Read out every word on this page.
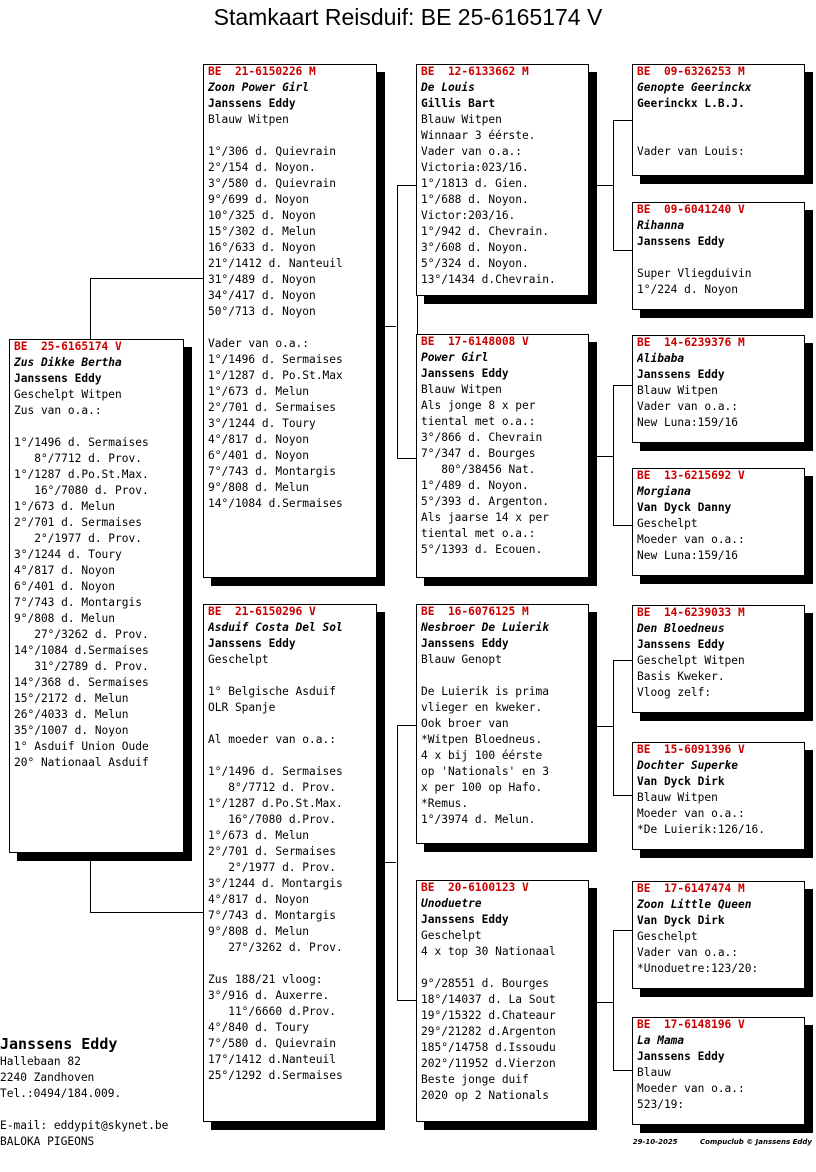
Stamkaart Reisduif: BE 25-6165174 V
BE  25-6165174 V
Zus Dikke Bertha
Janssens Eddy
Geschelpt Witpen
Zus van o.a.:
1°/1496 d. Sermaises
8°/7712 d. Prov.
1°/1287 d.Po.St.Max.
16°/7080 d. Prov.
1°/673 d. Melun
2°/701 d. Sermaises
2°/1977 d. Prov.
3°/1244 d. Toury
4°/817 d. Noyon
6°/401 d. Noyon
7°/743 d. Montargis
9°/808 d. Melun
27°/3262 d. Prov.
14°/1084 d.Sermaises
31°/2789 d. Prov.
14°/368 d. Sermaises
15°/2172 d. Melun
26°/4033 d. Melun
35°/1007 d. Noyon
1° Asduif Union Oude
20° Nationaal Asduif
BE  21-6150226 M
Zoon Power Girl
Janssens Eddy
Blauw Witpen
1°/306 d. Quievrain
2°/154 d. Noyon.
3°/580 d. Quievrain
9°/699 d. Noyon
10°/325 d. Noyon
15°/302 d. Melun
16°/633 d. Noyon
21°/1412 d. Nanteuil
31°/489 d. Noyon
34°/417 d. Noyon
50°/713 d. Noyon
Vader van o.a.:
1°/1496 d. Sermaises
1°/1287 d. Po.St.Max
1°/673 d. Melun
2°/701 d. Sermaises
3°/1244 d. Toury
4°/817 d. Noyon
6°/401 d. Noyon
7°/743 d. Montargis
9°/808 d. Melun
14°/1084 d.Sermaises
BE  21-6150296 V
Asduif Costa Del Sol
Janssens Eddy
Geschelpt
1° Belgische Asduif
OLR Spanje
Al moeder van o.a.:
1°/1496 d. Sermaises
8°/7712 d. Prov.
1°/1287 d.Po.St.Max.
16°/7080 d.Prov.
1°/673 d. Melun
2°/701 d. Sermaises
2°/1977 d. Prov.
3°/1244 d. Montargis
4°/817 d. Noyon
7°/743 d. Montargis
9°/808 d. Melun
27°/3262 d. Prov.
Zus 188/21 vloog:
3°/916 d. Auxerre.
11°/6660 d.Prov.
4°/840 d. Toury
7°/580 d. Quievrain
17°/1412 d.Nanteuil
25°/1292 d.Sermaises
BE  12-6133662 M
De Louis
Gillis Bart
Blauw Witpen
Winnaar 3 éérste.
Vader van o.a.:
Victoria:023/16.
1°/1813 d. Gien.
1°/688 d. Noyon.
Victor:203/16.
1°/942 d. Chevrain.
3°/608 d. Noyon.
5°/324 d. Noyon.
13°/1434 d.Chevrain.
BE  17-6148008 V
Power Girl
Janssens Eddy
Blauw Witpen
Als jonge 8 x per
tiental met o.a.:
3°/866 d. Chevrain
7°/347 d. Bourges
80°/38456 Nat.
1°/489 d. Noyon.
5°/393 d. Argenton.
Als jaarse 14 x per
tiental met o.a.:
5°/1393 d. Ecouen.
BE  16-6076125 M
Nesbroer De Luierik
Janssens Eddy
Blauw Genopt
De Luierik is prima
vlieger en kweker.
Ook broer van
*Witpen Bloedneus.
4 x bij 100 éérste
op 'Nationals' en 3
x per 100 op Hafo.
*Remus.
1°/3974 d. Melun.
BE  20-6100123 V
Unoduetre
Janssens Eddy
Geschelpt
4 x top 30 Nationaal
9°/28551 d. Bourges
18°/14037 d. La Sout
19°/15322 d.Chateaur
29°/21282 d.Argenton
185°/14758 d.Issoudu
202°/11952 d.Vierzon
Beste jonge duif
2020 op 2 Nationals
BE  09-6326253 M
Genopte Geerinckx
Geerinckx L.B.J.
Vader van Louis:
BE  09-6041240 V
Rihanna
Janssens Eddy
Super Vliegduivin
1°/224 d. Noyon
BE  14-6239376 M
Alibaba
Janssens Eddy
Blauw Witpen
Vader van o.a.:
New Luna:159/16
BE  13-6215692 V
Morgiana
Van Dyck Danny
Geschelpt
Moeder van o.a.:
New Luna:159/16
BE  14-6239033 M
Den Bloedneus
Janssens Eddy
Geschelpt Witpen
Basis Kweker.
Vloog zelf:
BE  15-6091396 V
Dochter Superke
Van Dyck Dirk
Blauw Witpen
Moeder van o.a.:
*De Luierik:126/16.
BE  17-6147474 M
Zoon Little Queen
Van Dyck Dirk
Geschelpt
Vader van o.a.:
*Unoduetre:123/20:
BE  17-6148196 V
La Mama
Janssens Eddy
Blauw
Moeder van o.a.:
523/19:
Janssens Eddy
Hallebaan 82
2240 Zandhoven
Tel.:0494/184.009.
E-mail: eddypit@skynet.be
BALOKA PIGEONS	29-10-2025	Compuclub © Janssens Eddy
